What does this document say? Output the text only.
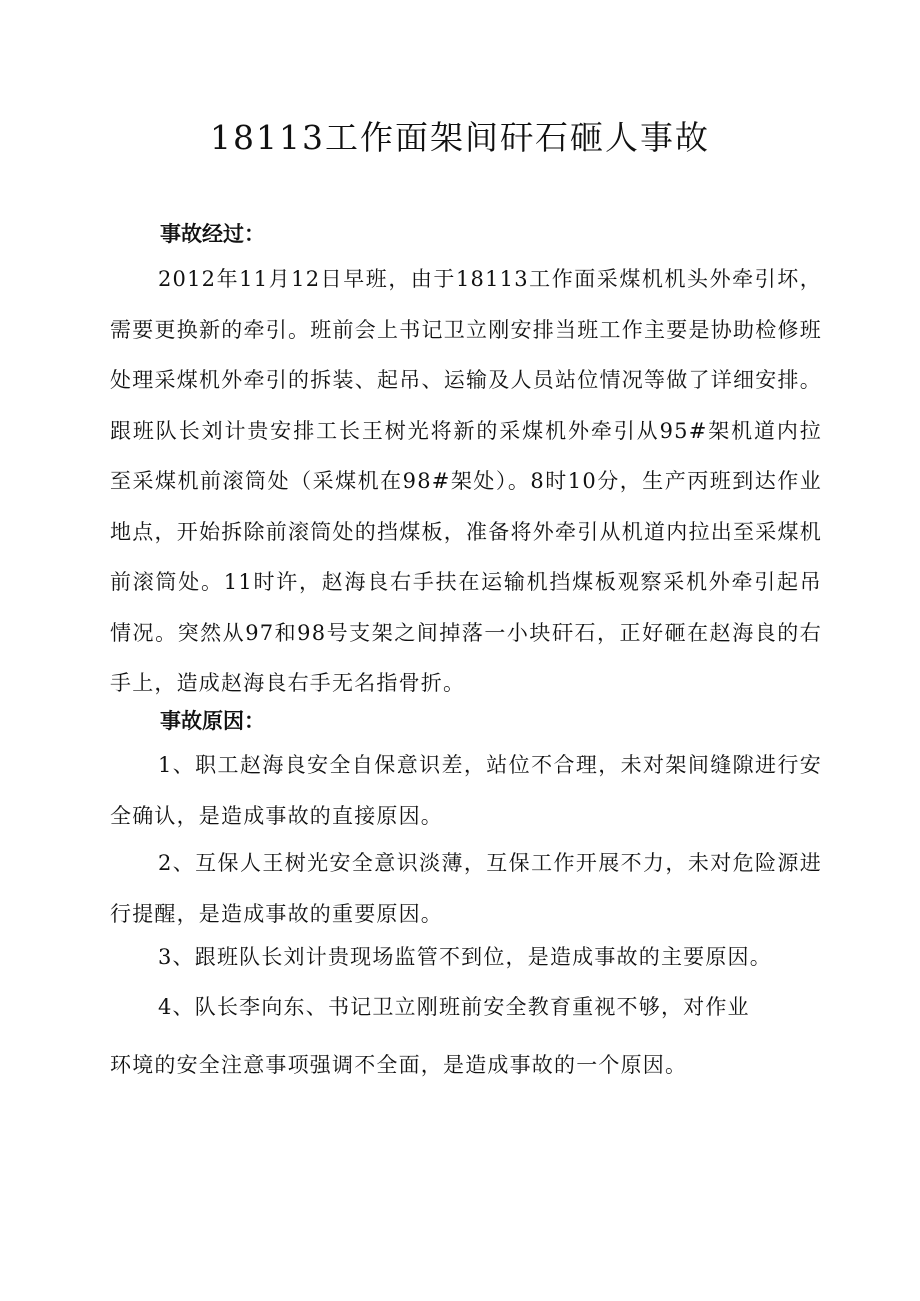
18113工作面架间矸石砸人事故

事故经过：

2012年11月12日早班，由于18113工作面采煤机机头外牵引坏，需要更换新的牵引。班前会上书记卫立刚安排当班工作主要是协助检修班处理采煤机外牵引的拆装、起吊、运输及人员站位情况等做了详细安排。跟班队长刘计贵安排工长王树光将新的采煤机外牵引从95#架机道内拉至采煤机前滚筒处（采煤机在98#架处）。8时10分，生产丙班到达作业地点，开始拆除前滚筒处的挡煤板，准备将外牵引从机道内拉出至采煤机前滚筒处。11时许，赵海良右手扶在运输机挡煤板观察采机外牵引起吊情况。突然从97和98号支架之间掉落一小块矸石，正好砸在赵海良的右手上，造成赵海良右手无名指骨折。

事故原因：

1、职工赵海良安全自保意识差，站位不合理，未对架间缝隙进行安全确认，是造成事故的直接原因。

2、互保人王树光安全意识淡薄，互保工作开展不力，未对危险源进行提醒，是造成事故的重要原因。

3、跟班队长刘计贵现场监管不到位，是造成事故的主要原因。

4、队长李向东、书记卫立刚班前安全教育重视不够，对作业

环境的安全注意事项强调不全面，是造成事故的一个原因。
